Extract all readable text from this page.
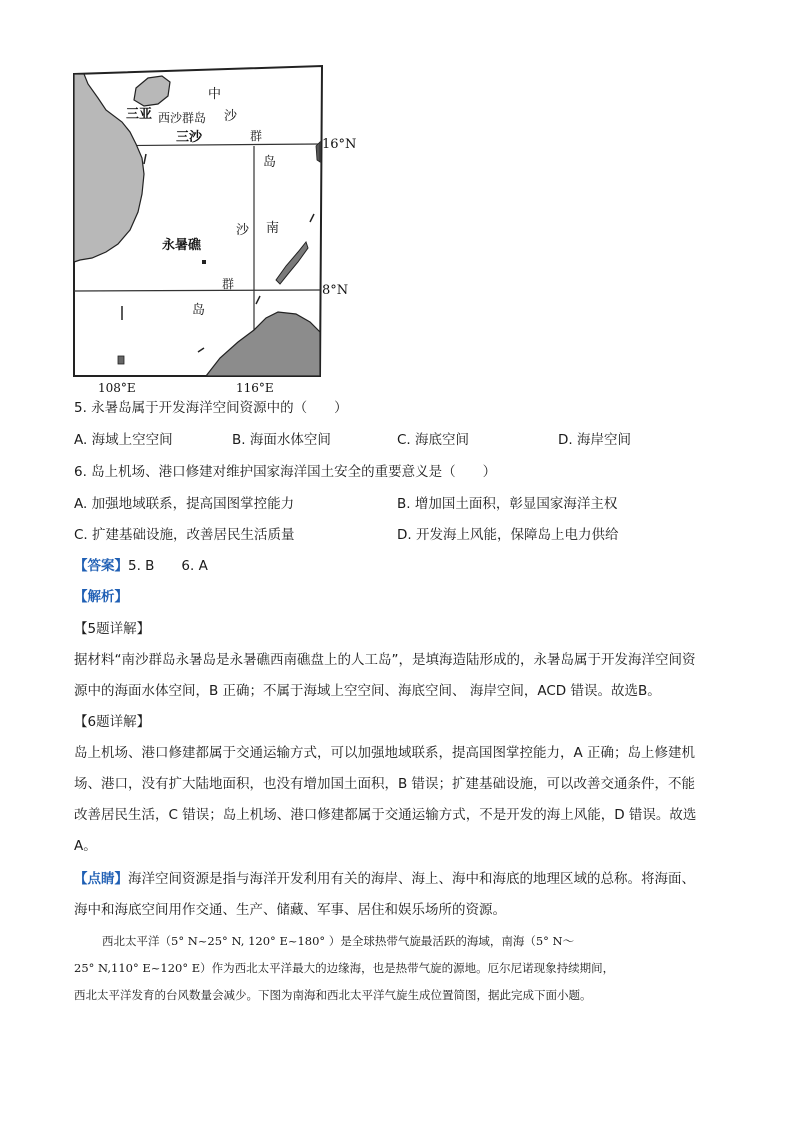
三亚 西沙群岛
三沙
中
沙
群
岛
南
沙
群
岛
永暑礁
16°N
8°N
108°E	116°E
5. 永暑岛属于开发海洋空间资源中的（　　）
A. 海域上空空间	B. 海面水体空间	C. 海底空间	D. 海岸空间
6. 岛上机场、港口修建对维护国家海洋国土安全的重要意义是（　　）
A. 加强地域联系，提高国图掌控能力	B. 增加国土面积，彰显国家海洋主权
C. 扩建基础设施，改善居民生活质量	D. 开发海上风能，保障岛上电力供给
【答案】5. B　　6. A
【解析】
【5题详解】
据材料“南沙群岛永暑岛是永暑礁西南礁盘上的人工岛”，是填海造陆形成的，永暑岛属于开发海洋空间资
源中的海面水体空间，B 正确；不属于海域上空空间、海底空间、 海岸空间，ACD 错误。故选B。
【6题详解】
岛上机场、港口修建都属于交通运输方式，可以加强地域联系，提高国图掌控能力，A 正确；岛上修建机
场、港口，没有扩大陆地面积，也没有增加国土面积，B 错误；扩建基础设施，可以改善交通条件，不能
改善居民生活，C 错误；岛上机场、港口修建都属于交通运输方式，不是开发的海上风能，D 错误。故选
A。
【点睛】海洋空间资源是指与海洋开发利用有关的海岸、海上、海中和海底的地理区域的总称。将海面、
海中和海底空间用作交通、生产、储藏、军事、居住和娱乐场所的资源。
西北太平洋（5° N~25° N, 120° E~180° ）是全球热带气旋最活跃的海域，南海（5° N～
25° N,110° E~120° E）作为西北太平洋最大的边缘海，也是热带气旋的源地。厄尔尼诺现象持续期间，
西北太平洋发育的台风数量会减少。下图为南海和西北太平洋气旋生成位置简图，据此完成下面小题。
